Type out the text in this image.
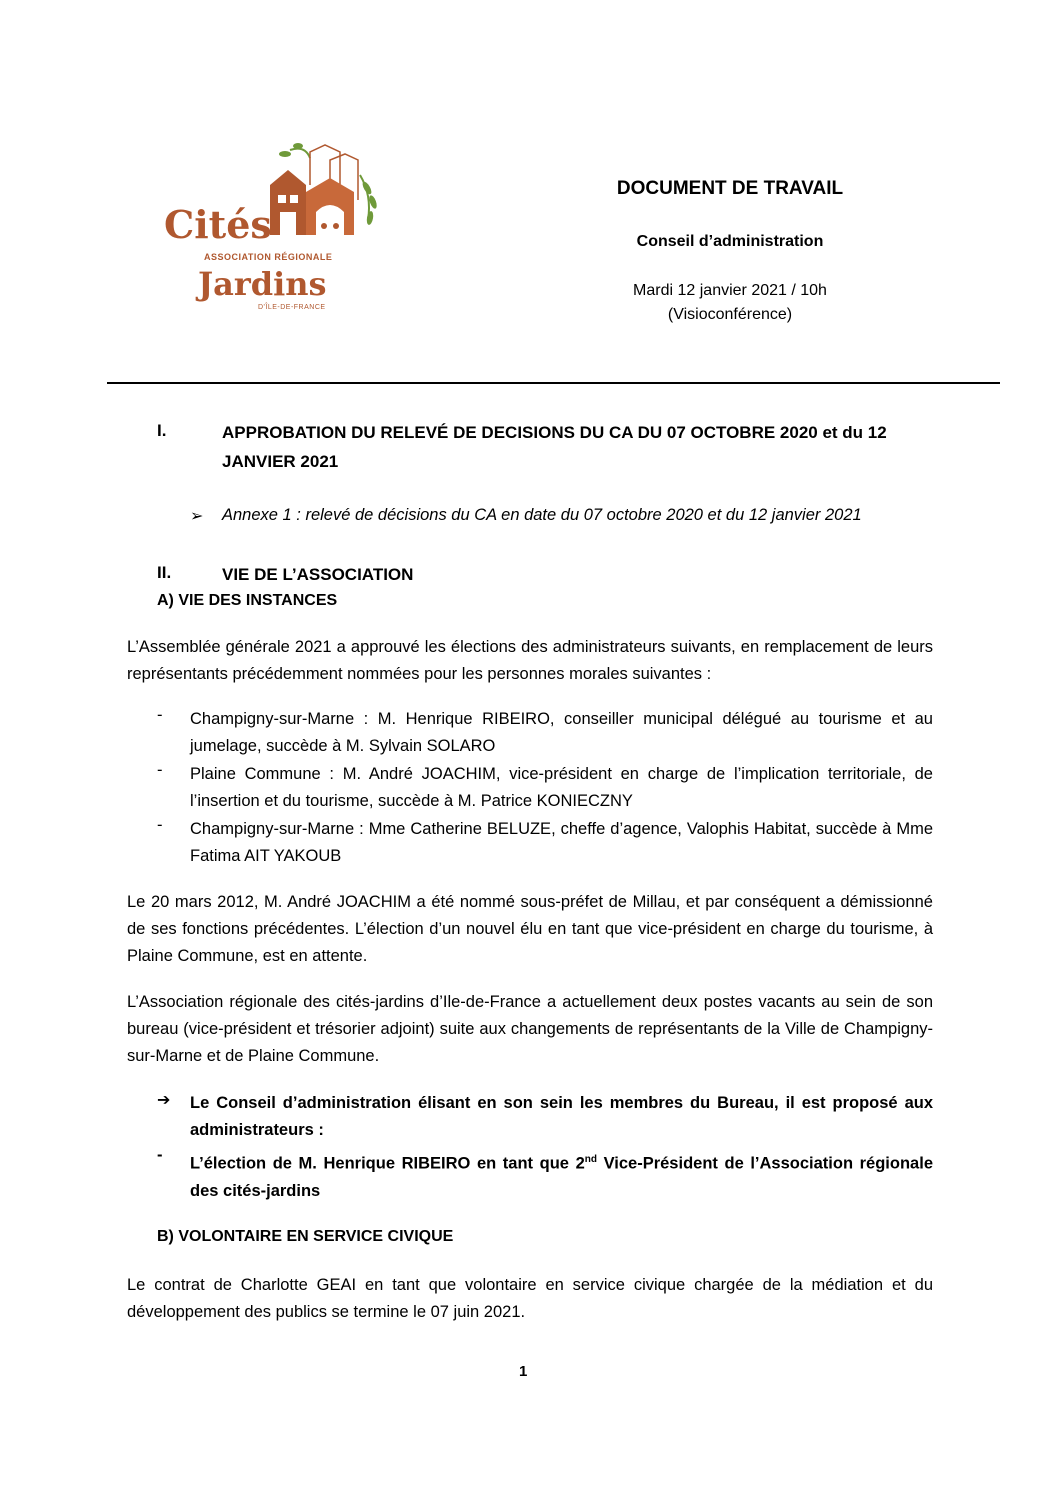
Cités
ASSOCIATION RÉGIONALE
Jardins
D'ÎLE-DE-FRANCE
DOCUMENT DE TRAVAIL
Conseil d’administration
Mardi 12 janvier 2021 / 10h
(Visioconférence)
I.	APPROBATION DU RELEVÉ DE DECISIONS DU CA DU 07 OCTOBRE 2020 et du 12 JANVIER 2021
➢ Annexe 1 : relevé de décisions du CA en date du 07 octobre 2020 et du 12 janvier 2021
II.	VIE DE L’ASSOCIATION
A) VIE DES INSTANCES
L’Assemblée générale 2021 a approuvé les élections des administrateurs suivants, en remplacement de leurs représentants précédemment nommées pour les personnes morales suivantes :
- Champigny-sur-Marne : M. Henrique RIBEIRO, conseiller municipal délégué au tourisme et au jumelage, succède à M. Sylvain SOLARO
- Plaine Commune : M. André JOACHIM, vice-président en charge de l’implication territoriale, de l’insertion et du tourisme, succède à M. Patrice KONIECZNY
- Champigny-sur-Marne : Mme Catherine BELUZE, cheffe d’agence, Valophis Habitat, succède à Mme Fatima AIT YAKOUB
Le 20 mars 2012, M. André JOACHIM a été nommé sous-préfet de Millau, et par conséquent a démissionné de ses fonctions précédentes. L’élection d’un nouvel élu en tant que vice-président en charge du tourisme, à Plaine Commune, est en attente.
L’Association régionale des cités-jardins d’Ile-de-France a actuellement deux postes vacants au sein de son bureau (vice-président et trésorier adjoint) suite aux changements de représentants de la Ville de Champigny-sur-Marne et de Plaine Commune.
➔ Le Conseil d’administration élisant en son sein les membres du Bureau, il est proposé aux administrateurs :
- L’élection de M. Henrique RIBEIRO en tant que 2nd Vice-Président de l’Association régionale des cités-jardins
B) VOLONTAIRE EN SERVICE CIVIQUE
Le contrat de Charlotte GEAI en tant que volontaire en service civique chargée de la médiation et du développement des publics se termine le 07 juin 2021.
1
